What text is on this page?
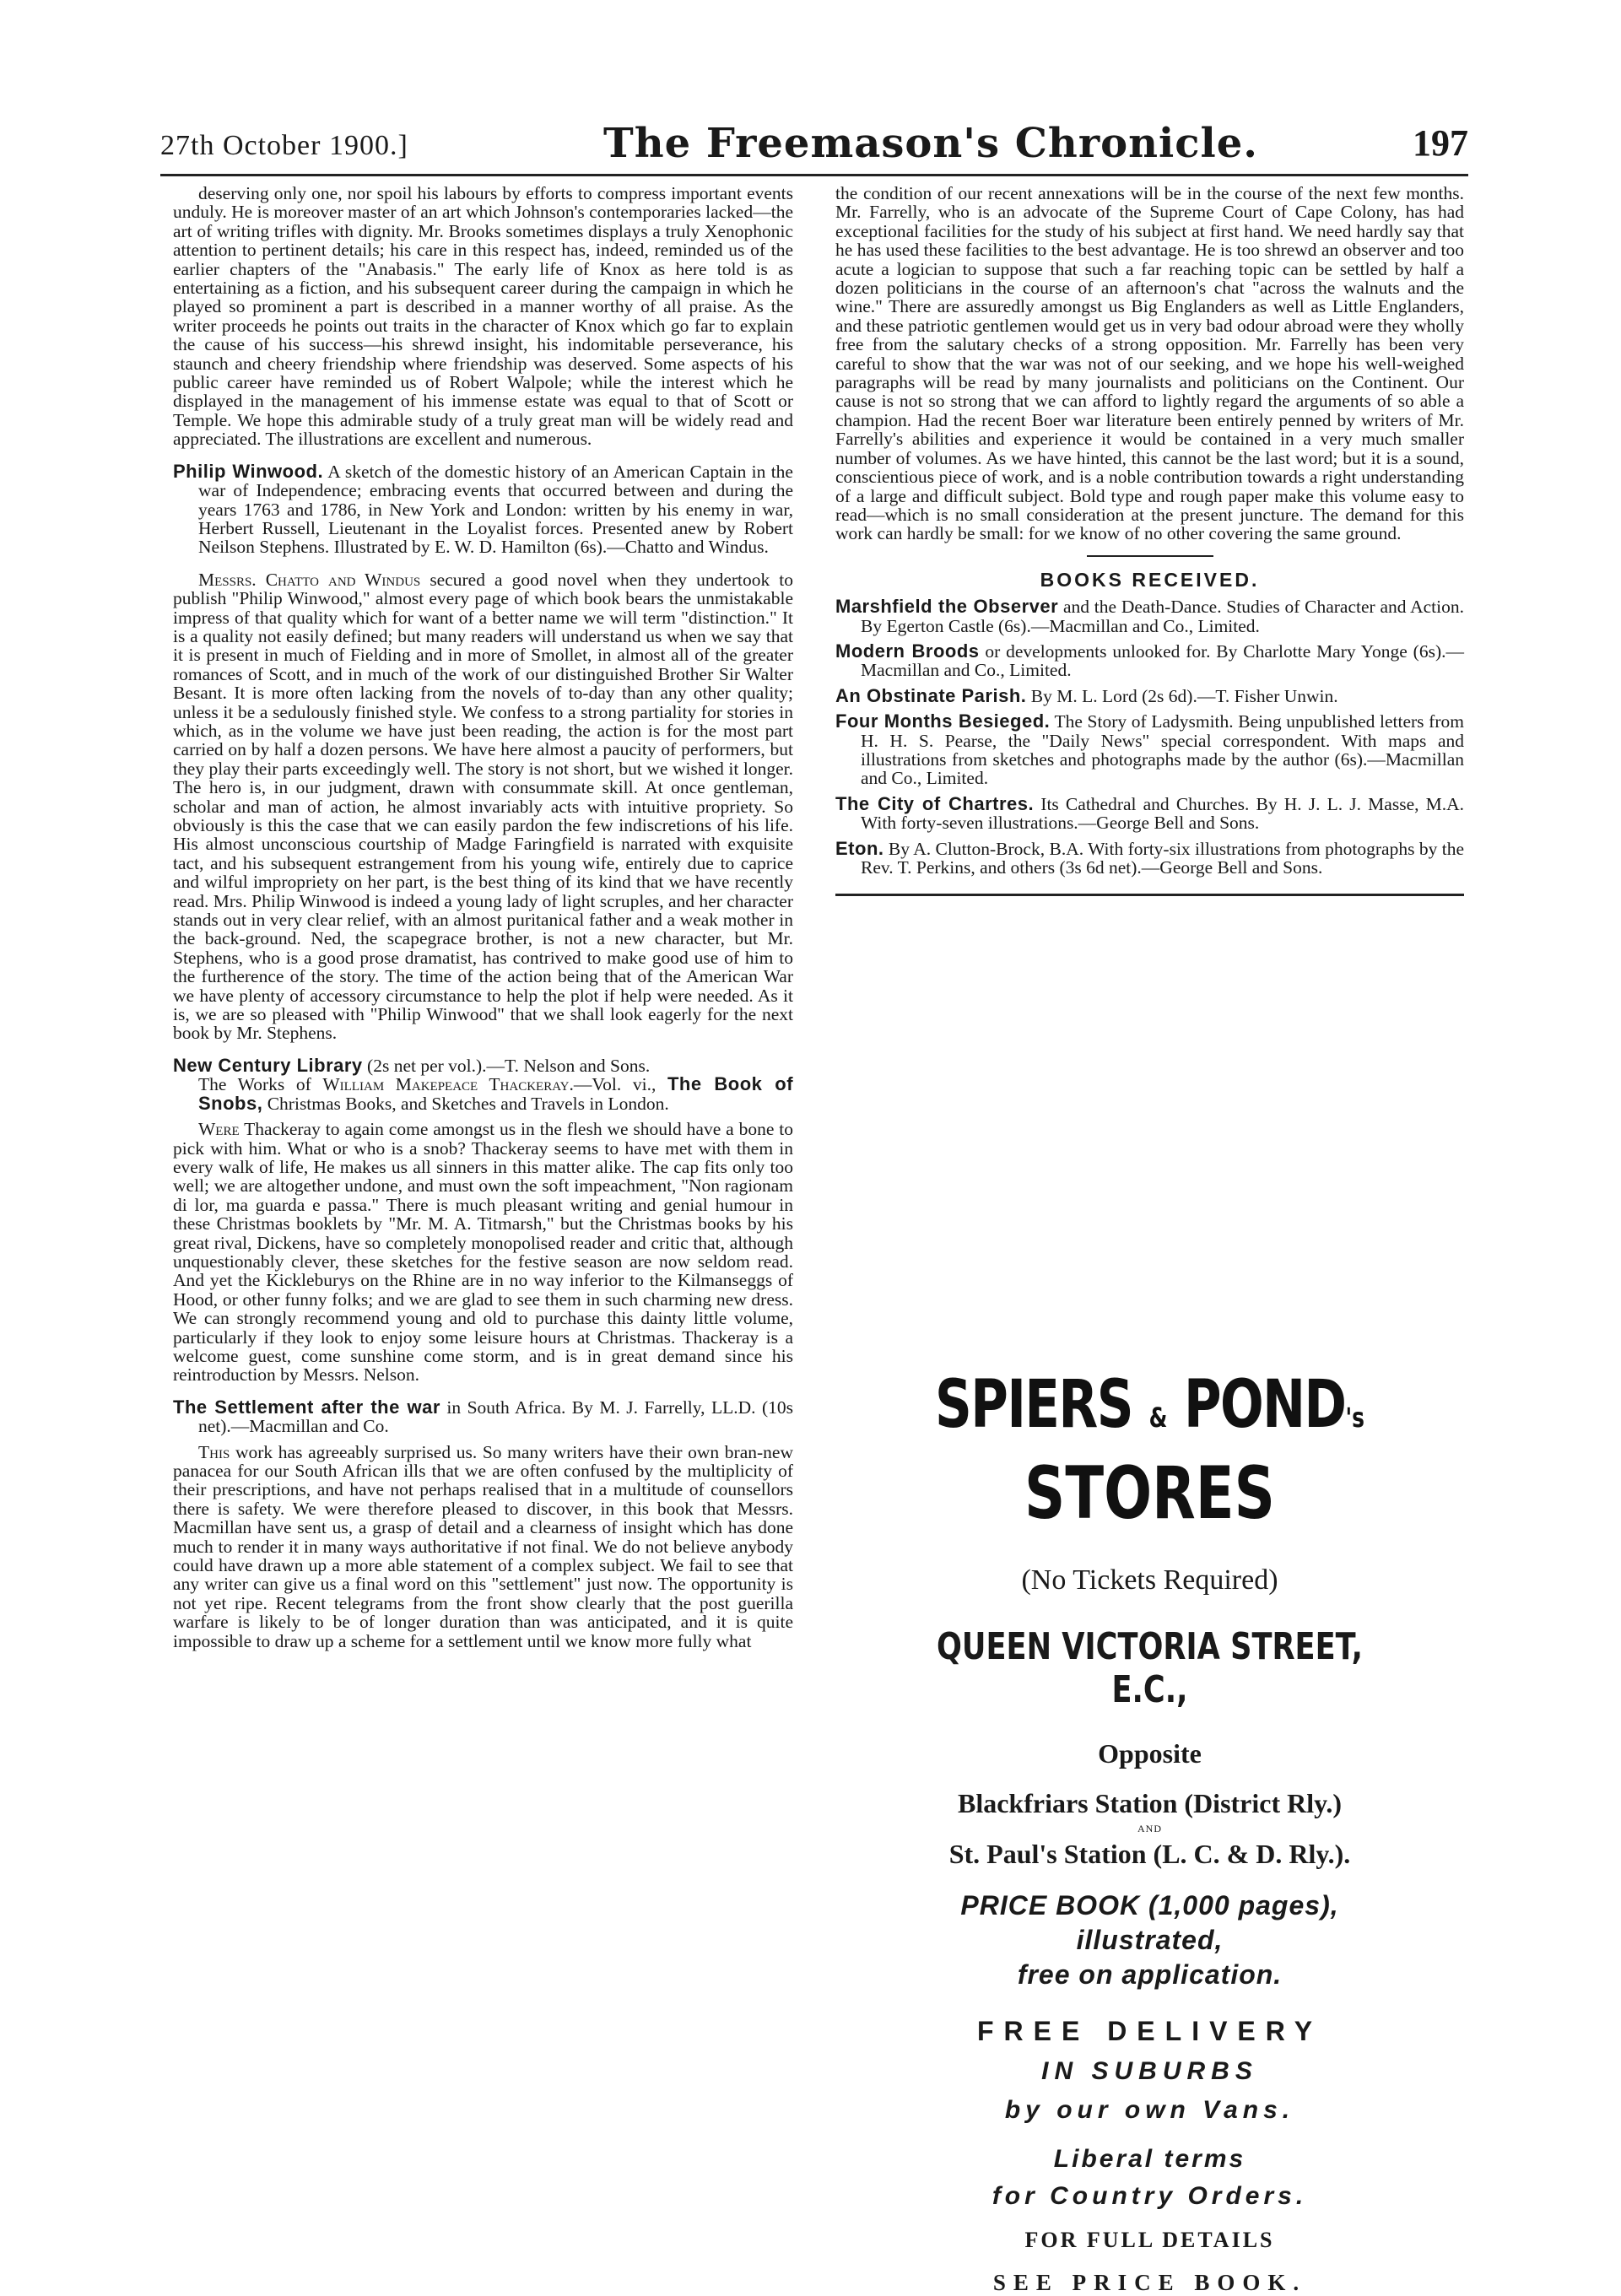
27th October 1900.]	The Freemason's Chronicle.	197

deserving only one, nor spoil his labours by efforts to compress important events unduly. He is moreover master of an art which Johnson's contemporaries lacked—the art of writing trifles with dignity. Mr. Brooks sometimes displays a truly Xenophonic attention to pertinent details; his care in this respect has, indeed, reminded us of the earlier chapters of the "Anabasis." The early life of Knox as here told is as entertaining as a fiction, and his subsequent career during the campaign in which he played so prominent a part is described in a manner worthy of all praise. As the writer proceeds he points out traits in the character of Knox which go far to explain the cause of his success—his shrewd insight, his indomitable perseverance, his staunch and cheery friendship where friendship was deserved. Some aspects of his public career have reminded us of Robert Walpole; while the interest which he displayed in the management of his immense estate was equal to that of Scott or Temple. We hope this admirable study of a truly great man will be widely read and appreciated. The illustrations are excellent and numerous.

Philip Winwood. A sketch of the domestic history of an American Captain in the war of Independence; embracing events that occurred between and during the years 1763 and 1786, in New York and London: written by his enemy in war, Herbert Russell, Lieutenant in the Loyalist forces. Presented anew by Robert Neilson Stephens. Illustrated by E. W. D. Hamilton (6s).—Chatto and Windus.

Messrs. Chatto and Windus secured a good novel when they undertook to publish "Philip Winwood," almost every page of which book bears the unmistakable impress of that quality which for want of a better name we will term "distinction." It is a quality not easily defined; but many readers will understand us when we say that it is present in much of Fielding and in more of Smollet, in almost all of the greater romances of Scott, and in much of the work of our distinguished Brother Sir Walter Besant. It is more often lacking from the novels of to-day than any other quality; unless it be a sedulously finished style. We confess to a strong partiality for stories in which, as in the volume we have just been reading, the action is for the most part carried on by half a dozen persons. We have here almost a paucity of performers, but they play their parts exceedingly well. The story is not short, but we wished it longer. The hero is, in our judgment, drawn with consummate skill. At once gentleman, scholar and man of action, he almost invariably acts with intuitive propriety. So obviously is this the case that we can easily pardon the few indiscretions of his life. His almost unconscious courtship of Madge Faringfield is narrated with exquisite tact, and his subsequent estrangement from his young wife, entirely due to caprice and wilful impropriety on her part, is the best thing of its kind that we have recently read. Mrs. Philip Winwood is indeed a young lady of light scruples, and her character stands out in very clear relief, with an almost puritanical father and a weak mother in the back-ground. Ned, the scapegrace brother, is not a new character, but Mr. Stephens, who is a good prose dramatist, has contrived to make good use of him to the furtherence of the story. The time of the action being that of the American War we have plenty of accessory circumstance to help the plot if help were needed. As it is, we are so pleased with "Philip Winwood" that we shall look eagerly for the next book by Mr. Stephens.

New Century Library (2s net per vol.).—T. Nelson and Sons.

The Works of William Makepeace Thackeray.—Vol. vi., The Book of Snobs, Christmas Books, and Sketches and Travels in London.

Were Thackeray to again come amongst us in the flesh we should have a bone to pick with him. What or who is a snob? Thackeray seems to have met with them in every walk of life, He makes us all sinners in this matter alike. The cap fits only too well; we are altogether undone, and must own the soft impeachment, "Non ragionam di lor, ma guarda e passa." There is much pleasant writing and genial humour in these Christmas booklets by "Mr. M. A. Titmarsh," but the Christmas books by his great rival, Dickens, have so completely monopolised reader and critic that, although unquestionably clever, these sketches for the festive season are now seldom read. And yet the Kickleburys on the Rhine are in no way inferior to the Kilmanseggs of Hood, or other funny folks; and we are glad to see them in such charming new dress. We can strongly recommend young and old to purchase this dainty little volume, particularly if they look to enjoy some leisure hours at Christmas. Thackeray is a welcome guest, come sunshine come storm, and is in great demand since his reintroduction by Messrs. Nelson.

The Settlement after the war in South Africa. By M. J. Farrelly, LL.D. (10s net).—Macmillan and Co.

This work has agreeably surprised us. So many writers have their own bran-new panacea for our South African ills that we are often confused by the multiplicity of their prescriptions, and have not perhaps realised that in a multitude of counsellors there is safety. We were therefore pleased to discover, in this book that Messrs. Macmillan have sent us, a grasp of detail and a clearness of insight which has done much to render it in many ways authoritative if not final. We do not believe anybody could have drawn up a more able statement of a complex subject. We fail to see that any writer can give us a final word on this "settlement" just now. The opportunity is not yet ripe. Recent telegrams from the front show clearly that the post guerilla warfare is likely to be of longer duration than was anticipated, and it is quite impossible to draw up a scheme for a settlement until we know more fully what

the condition of our recent annexations will be in the course of the next few months. Mr. Farrelly, who is an advocate of the Supreme Court of Cape Colony, has had exceptional facilities for the study of his subject at first hand. We need hardly say that he has used these facilities to the best advantage. He is too shrewd an observer and too acute a logician to suppose that such a far reaching topic can be settled by half a dozen politicians in the course of an afternoon's chat "across the walnuts and the wine." There are assuredly amongst us Big Englanders as well as Little Englanders, and these patriotic gentlemen would get us in very bad odour abroad were they wholly free from the salutary checks of a strong opposition. Mr. Farrelly has been very careful to show that the war was not of our seeking, and we hope his well-weighed paragraphs will be read by many journalists and politicians on the Continent. Our cause is not so strong that we can afford to lightly regard the arguments of so able a champion. Had the recent Boer war literature been entirely penned by writers of Mr. Farrelly's abilities and experience it would be contained in a very much smaller number of volumes. As we have hinted, this cannot be the last word; but it is a sound, conscientious piece of work, and is a noble contribution towards a right understanding of a large and difficult subject. Bold type and rough paper make this volume easy to read—which is no small consideration at the present juncture. The demand for this work can hardly be small: for we know of no other covering the same ground.

BOOKS RECEIVED.

Marshfield the Observer and the Death-Dance. Studies of Character and Action. By Egerton Castle (6s).—Macmillan and Co., Limited.

Modern Broods or developments unlooked for. By Charlotte Mary Yonge (6s).—Macmillan and Co., Limited.

An Obstinate Parish. By M. L. Lord (2s 6d).—T. Fisher Unwin.

Four Months Besieged. The Story of Ladysmith. Being unpublished letters from H. H. S. Pearse, the "Daily News" special correspondent. With maps and illustrations from sketches and photographs made by the author (6s).—Macmillan and Co., Limited.

The City of Chartres. Its Cathedral and Churches. By H. J. L. J. Masse, M.A. With forty-seven illustrations.—George Bell and Sons.

Eton. By A. Clutton-Brock, B.A. With forty-six illustrations from photographs by the Rev. T. Perkins, and others (3s 6d net).—George Bell and Sons.

SPIERS & POND's
STORES
(No Tickets Required)
QUEEN VICTORIA STREET, E.C.,
Opposite
Blackfriars Station (District Rly.)
AND
St. Paul's Station (L. C. & D. Rly.).
PRICE BOOK (1,000 pages),
illustrated,
free on application.
FREE DELIVERY
IN SUBURBS
by our own Vans.
Liberal terms
for Country Orders.
FOR FULL DETAILS
SEE PRICE BOOK.
